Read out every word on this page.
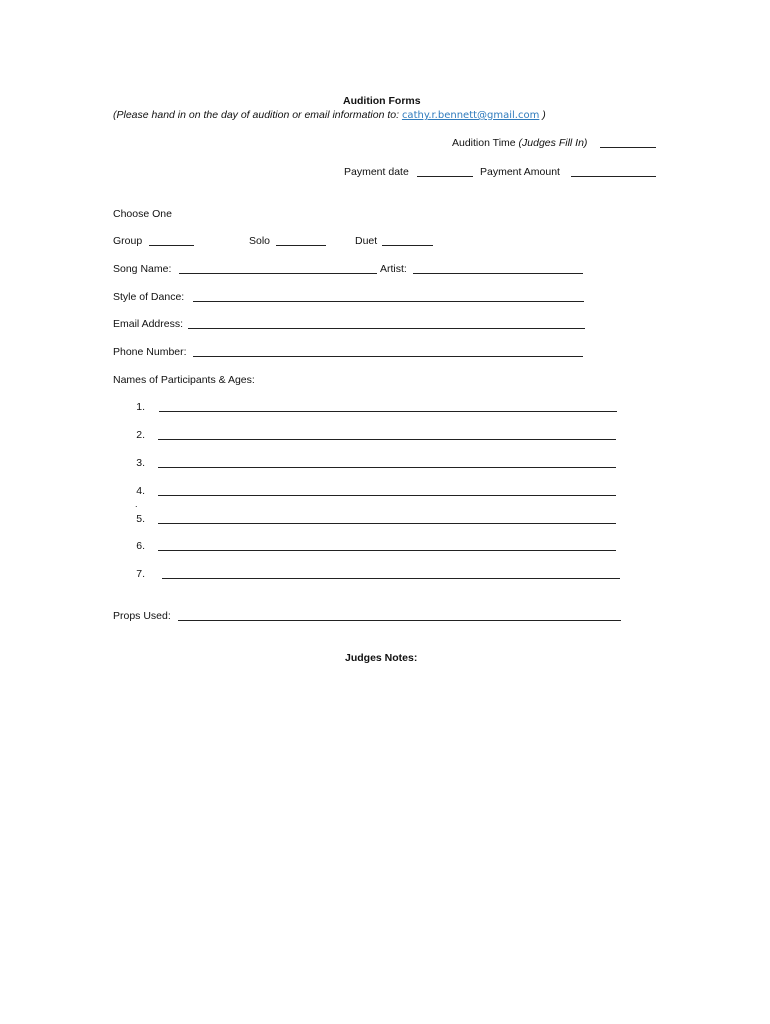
Audition Forms
(Please hand in on the day of audition or email information to: cathy.r.bennett@gmail.com )
Audition Time (Judges Fill In)
Payment date	Payment Amount
Choose One
Group	Solo	Duet
Song Name:	Artist:
Style of Dance:
Email Address:
Phone Number:
Names of Participants & Ages:
1.
2.
3.
4.
.
5.
6.
7.
Props Used:
Judges Notes:
